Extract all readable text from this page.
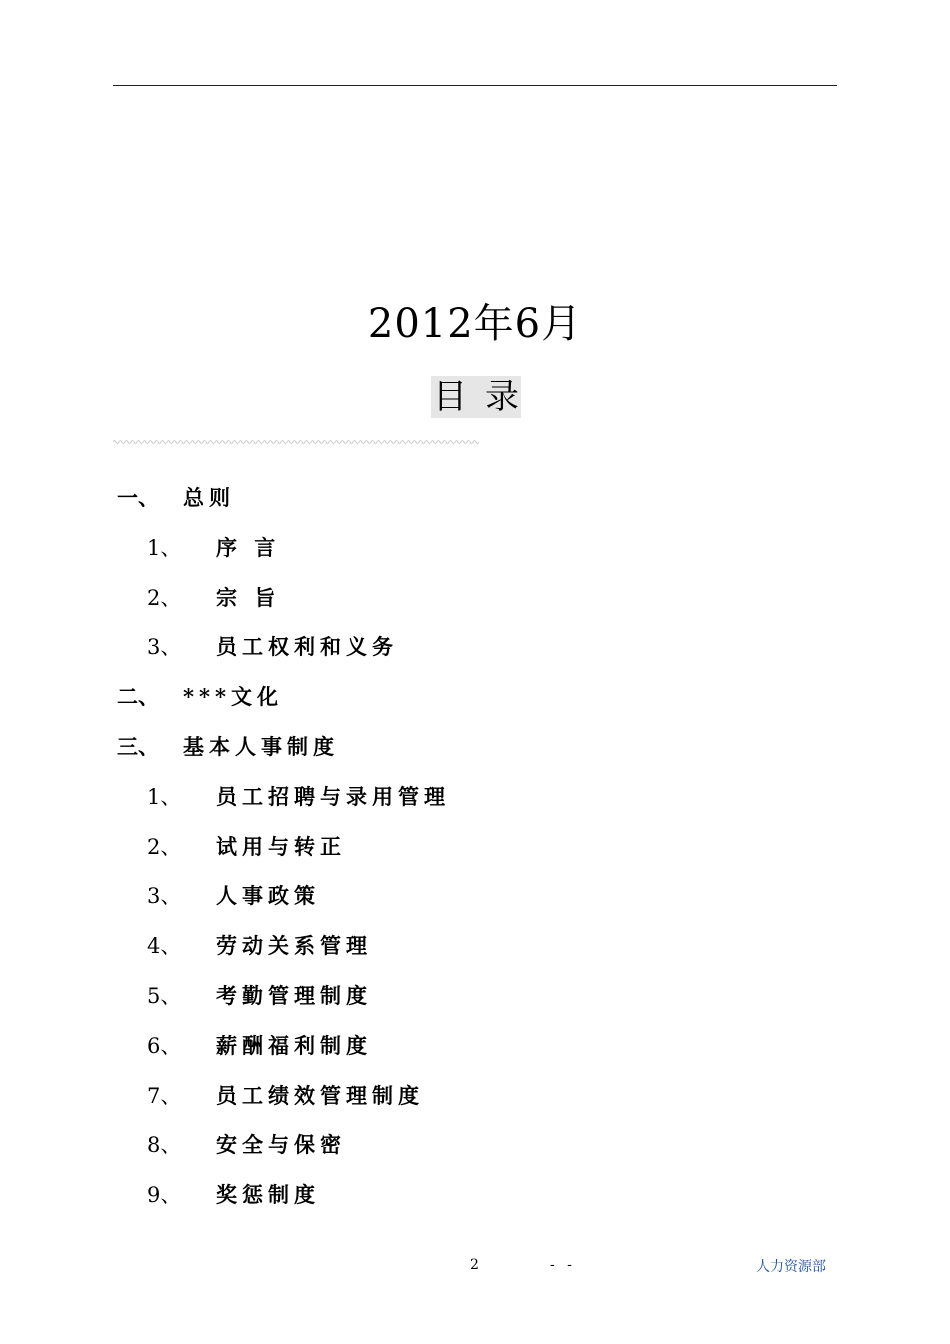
2012年6月
目录
一、 总则
1、 序 言
2、 宗 旨
3、 员工权利和义务
二、 ***文化
三、 基本人事制度
1、 员工招聘与录用管理
2、 试用与转正
3、 人事政策
4、 劳动关系管理
5、 考勤管理制度
6、 薪酬福利制度
7、 员工绩效管理制度
8、 安全与保密
9、 奖惩制度
2	- -	人力资源部
